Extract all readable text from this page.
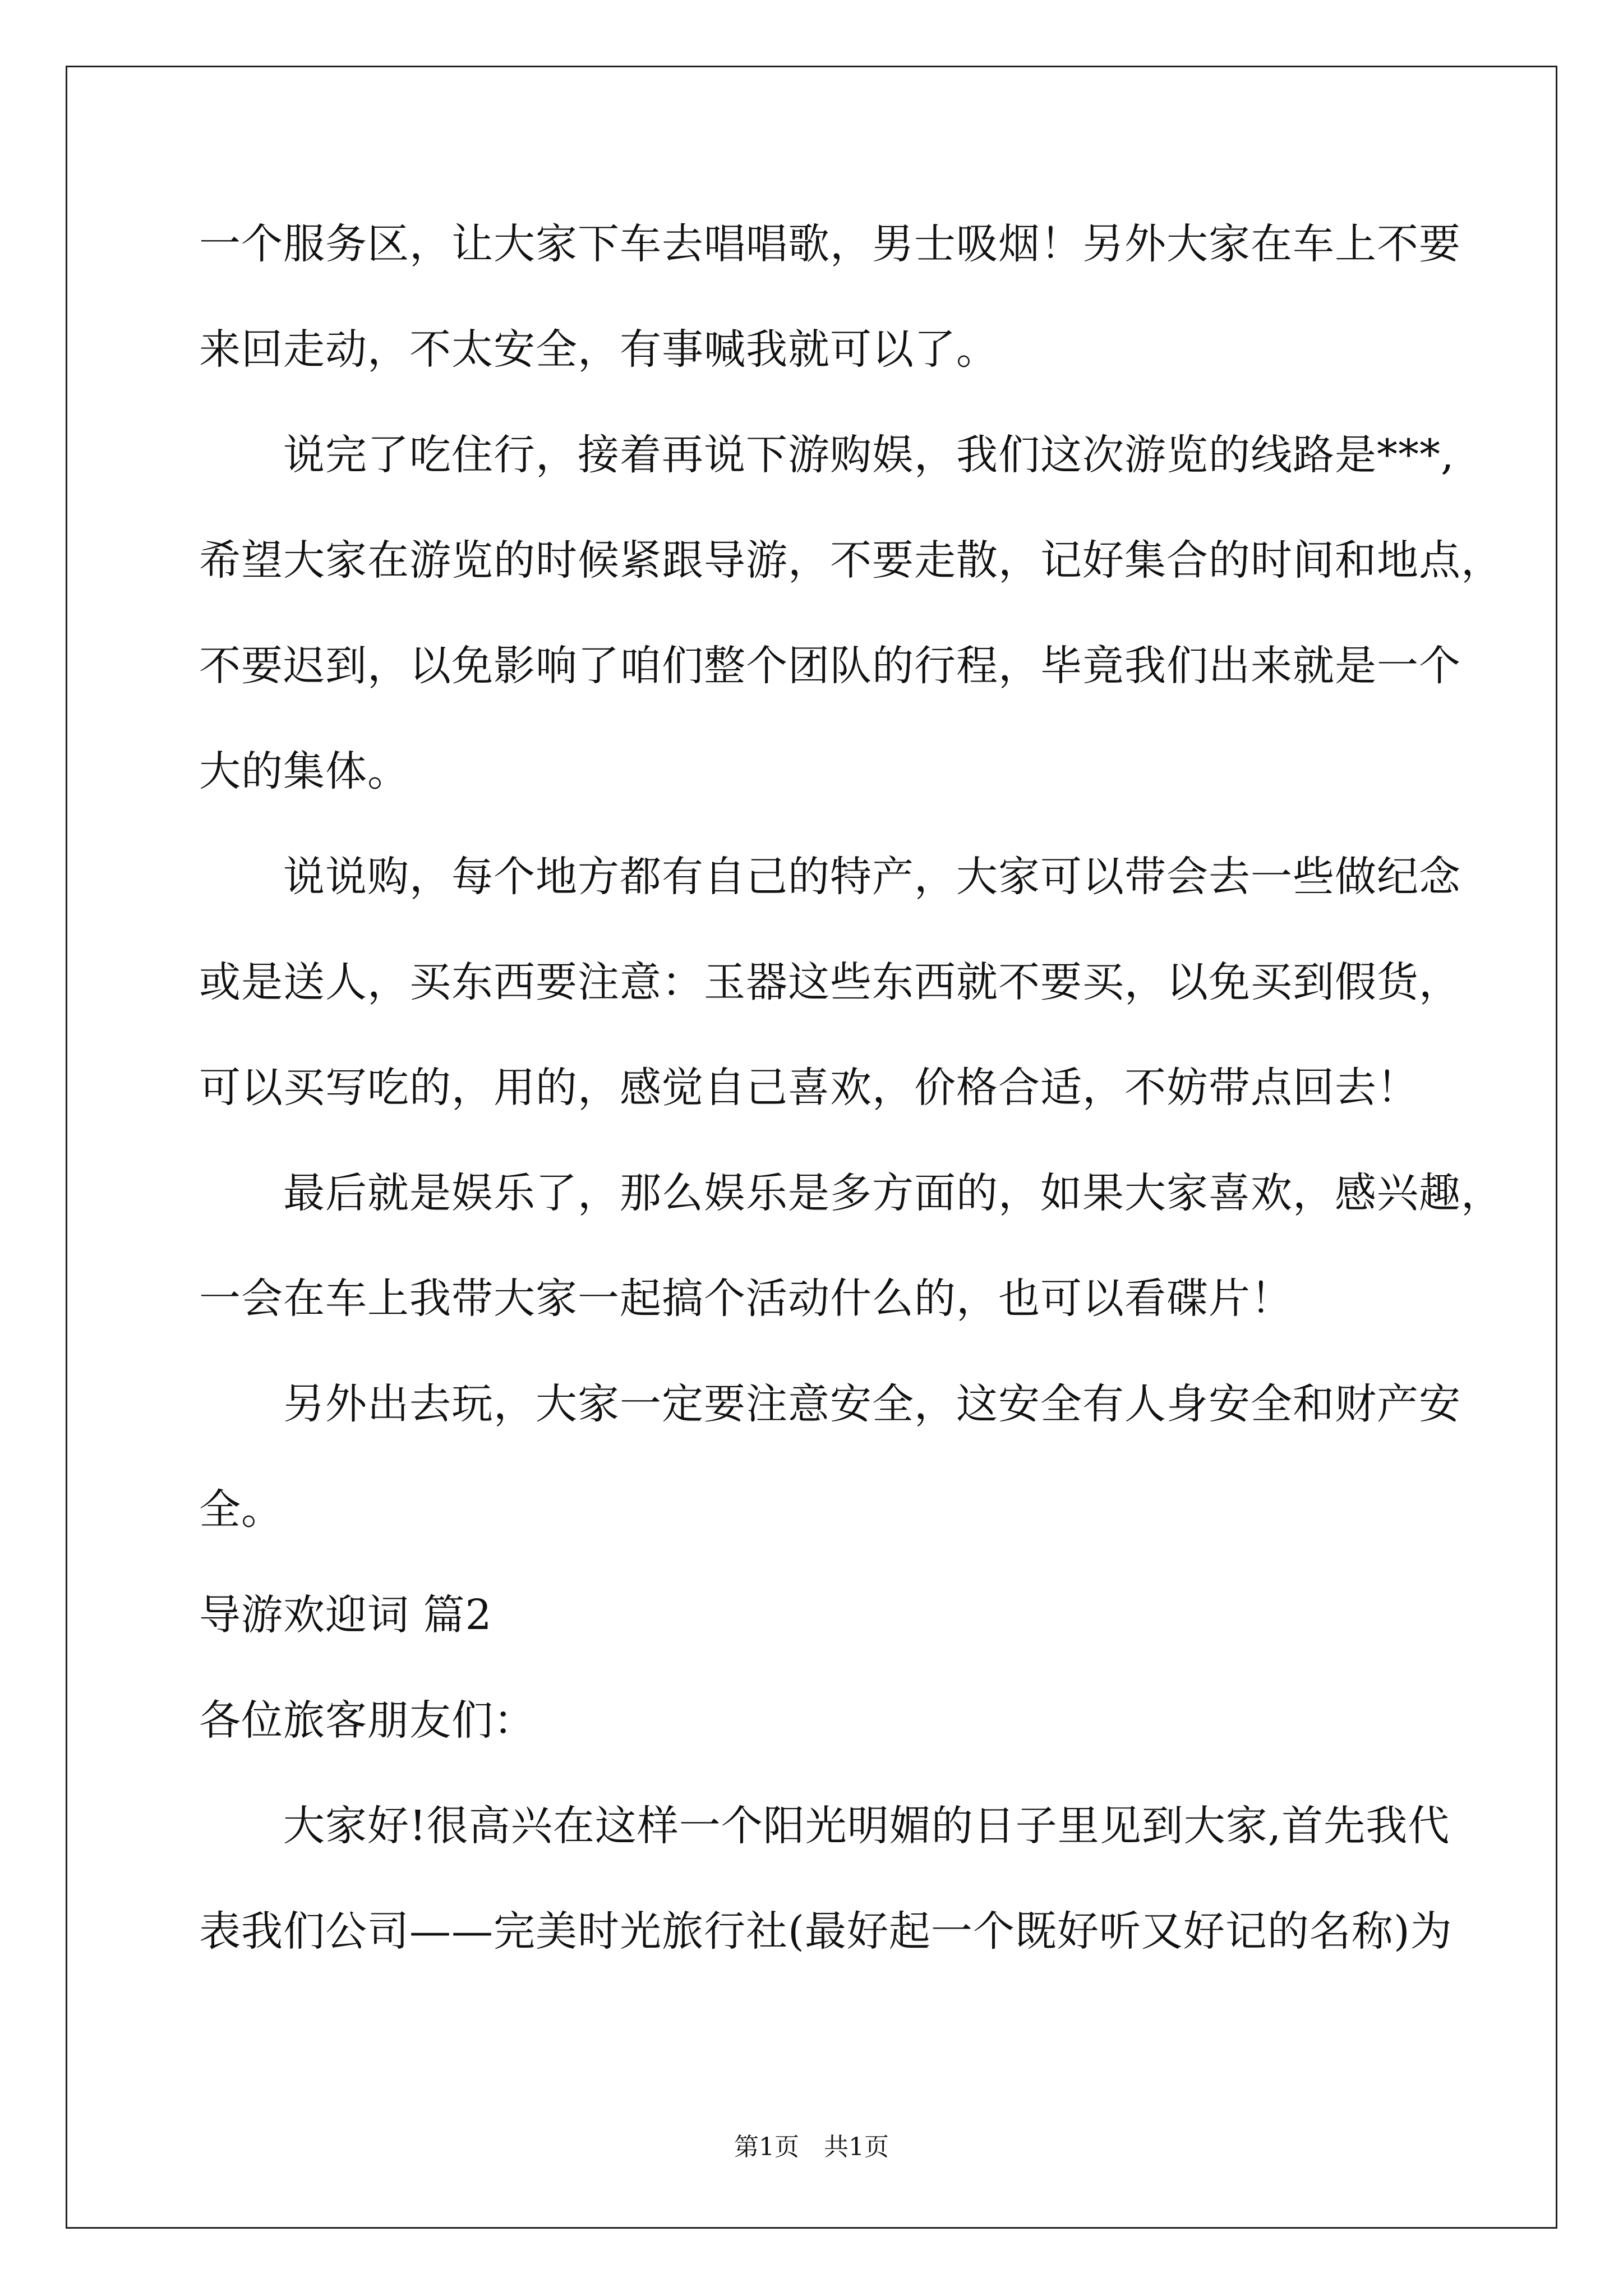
一个服务区，让大家下车去唱唱歌，男士吸烟！另外大家在车上不要
来回走动，不太安全，有事喊我就可以了。
说完了吃住行，接着再说下游购娱，我们这次游览的线路是***,
希望大家在游览的时候紧跟导游，不要走散，记好集合的时间和地点，
不要迟到，以免影响了咱们整个团队的行程，毕竟我们出来就是一个
大的集体。
说说购，每个地方都有自己的特产，大家可以带会去一些做纪念
或是送人，买东西要注意：玉器这些东西就不要买，以免买到假货，
可以买写吃的，用的，感觉自己喜欢，价格合适，不妨带点回去！
最后就是娱乐了，那么娱乐是多方面的，如果大家喜欢，感兴趣，
一会在车上我带大家一起搞个活动什么的，也可以看碟片！
另外出去玩，大家一定要注意安全，这安全有人身安全和财产安
全。
导游欢迎词 篇2
各位旅客朋友们：
大家好!很高兴在这样一个阳光明媚的日子里见到大家,首先我代
表我们公司——完美时光旅行社(最好起一个既好听又好记的名称)为
第1页　共1页
